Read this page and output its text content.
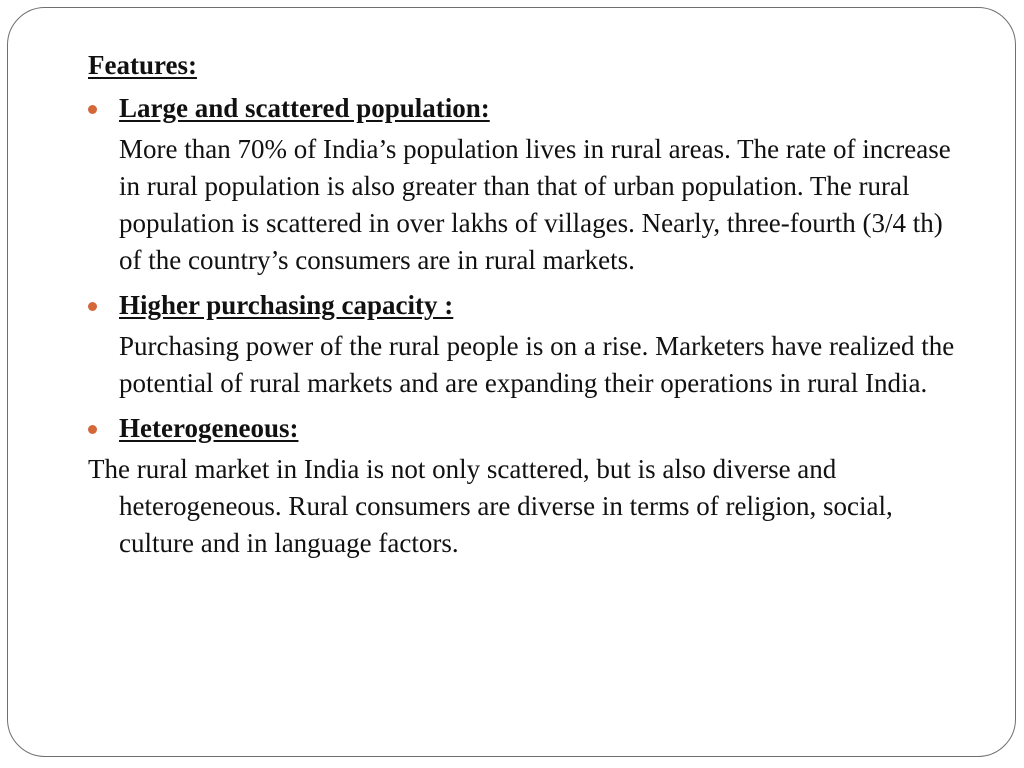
Features:
Large and scattered population:
More than 70% of India’s population lives in rural areas. The rate of increase in rural population is also greater than that of urban population. The rural population is scattered in over lakhs of villages. Nearly, three-fourth (3/4 th) of the country’s consumers are in rural markets.
Higher purchasing capacity :
Purchasing power of the rural people is on a rise. Marketers have realized the potential of rural markets and are expanding their operations in rural India.
Heterogeneous:
The rural market in India is not only scattered, but is also diverse and heterogeneous. Rural consumers are diverse in terms of religion, social, culture and in language factors.
